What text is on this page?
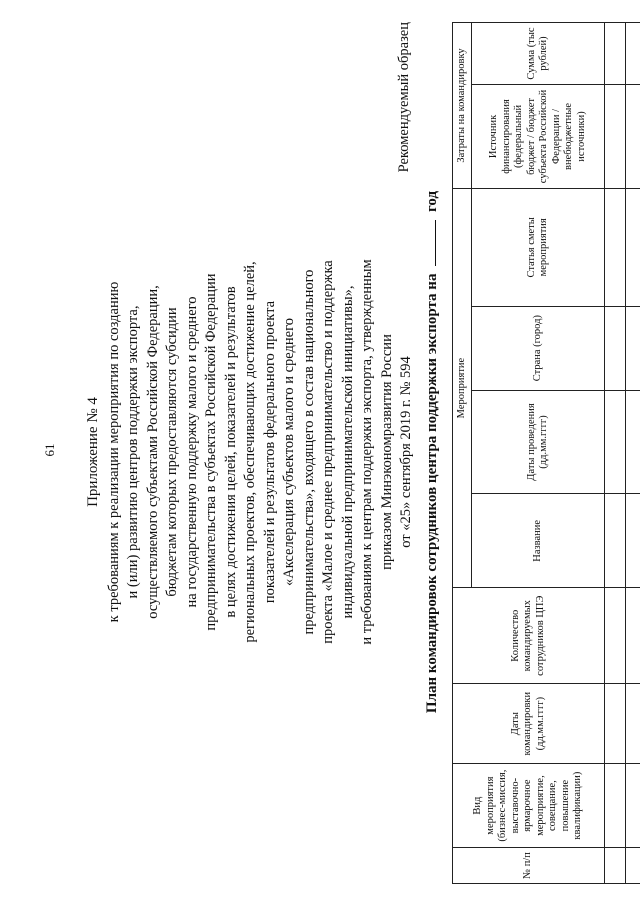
61 Приложение № 4 к требованиям к реализации мероприятия по созданию и (или) развитию центров поддержки экспорта, осуществляемого субъектами Российской Федерации, бюджетам которых предоставляются субсидии на государственную поддержку малого и среднего предпринимательства в субъектах Российской Федерации в целях достижения целей, показателей и результатов региональных проектов, обеспечивающих достижение целей, показателей и результатов федерального проекта «Акселерация субъектов малого и среднего предпринимательства», входящего в состав национального проекта «Малое и среднее предпринимательство и поддержка индивидуальной предпринимательской инициативы», и требованиям к центрам поддержки экспорта, утвержденным приказом Минэкономразвития России от «25» сентября 2019 г. № 594
Рекомендуемый образец
План командировок сотрудников центра поддержки экспорта на  год
№ п/п	Вид мероприятия (бизнес-миссия, выставочно-ярмарочное мероприятие, совещание, повышение квалификации)	Даты командировки (дд.мм.гггг)	Количество командируемых сотрудников ЦПЭ	Мероприятие				Затраты на командировку	
				Название	Даты проведения (дд.мм.гггг)	Страна (город)	Статья сметы мероприятия	Источник финансирования (федеральный бюджет / бюджет субъекта Российской Федерации / внебюджетные источники)	Сумма (тыс рублей)
